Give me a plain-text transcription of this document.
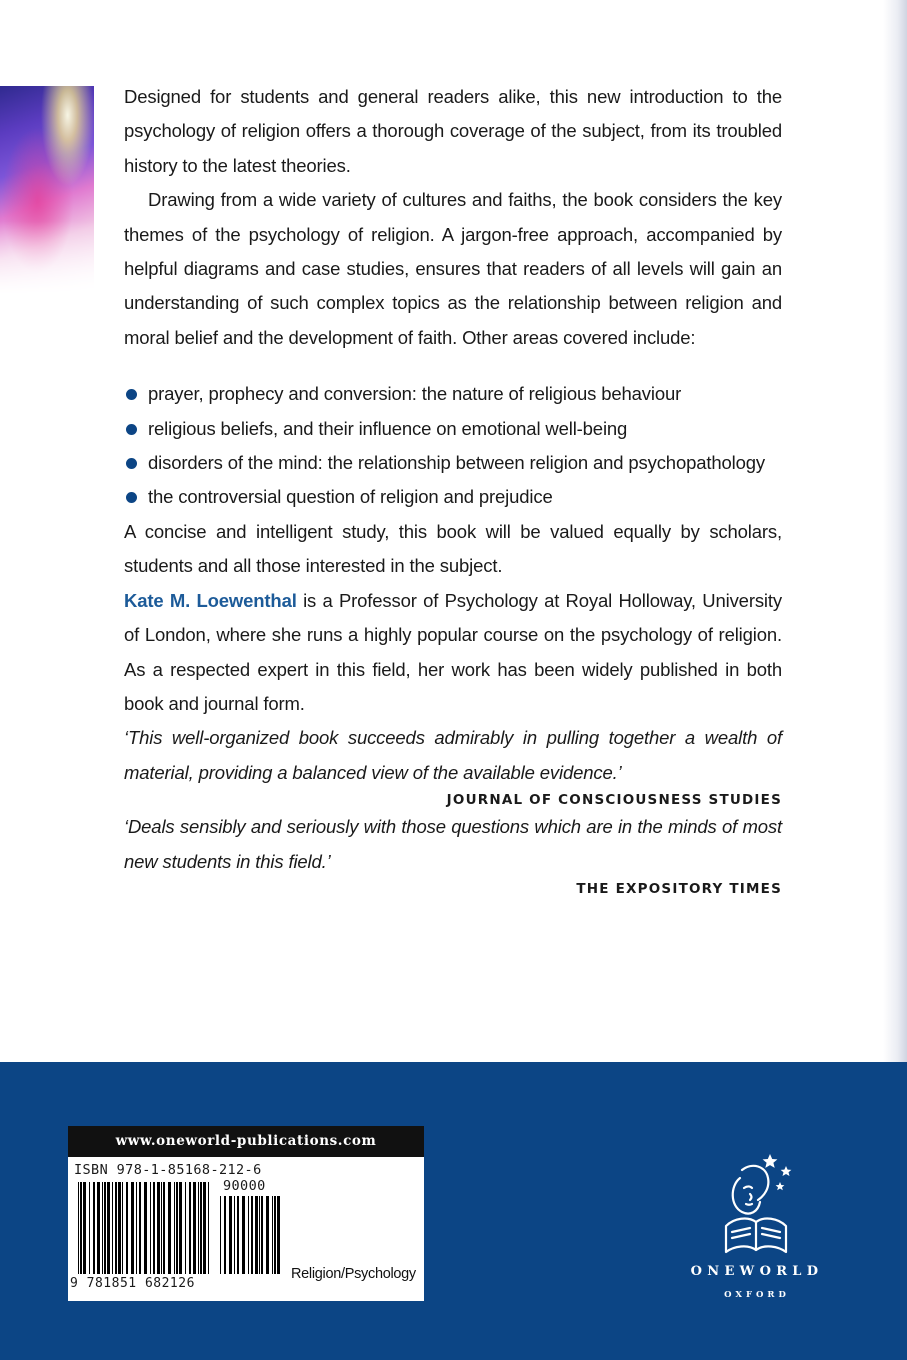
Designed for students and general readers alike, this new introduction to the psychology of religion offers a thorough coverage of the subject, from its troubled history to the latest theories.

Drawing from a wide variety of cultures and faiths, the book considers the key themes of the psychology of religion. A jargon-free approach, accompanied by helpful diagrams and case studies, ensures that readers of all levels will gain an understanding of such complex topics as the relationship between religion and moral belief and the development of faith. Other areas covered include:

prayer, prophecy and conversion: the nature of religious behaviour
religious beliefs, and their influence on emotional well-being
disorders of the mind: the relationship between religion and psychopathology
the controversial question of religion and prejudice

A concise and intelligent study, this book will be valued equally by scholars, students and all those interested in the subject.

Kate M. Loewenthal is a Professor of Psychology at Royal Holloway, University of London, where she runs a highly popular course on the psychology of religion. As a respected expert in this field, her work has been widely published in both book and journal form.

‘This well-organized book succeeds admirably in pulling together a wealth of material, providing a balanced view of the available evidence.’

JOURNAL OF CONSCIOUSNESS STUDIES

‘Deals sensibly and seriously with those questions which are in the minds of most new students in this field.’

THE EXPOSITORY TIMES
www.oneworld-publications.com
ISBN 978-1-85168-212-6
90000
9 781851 682126
Religion/Psychology	ONEWORLD
OXFORD
